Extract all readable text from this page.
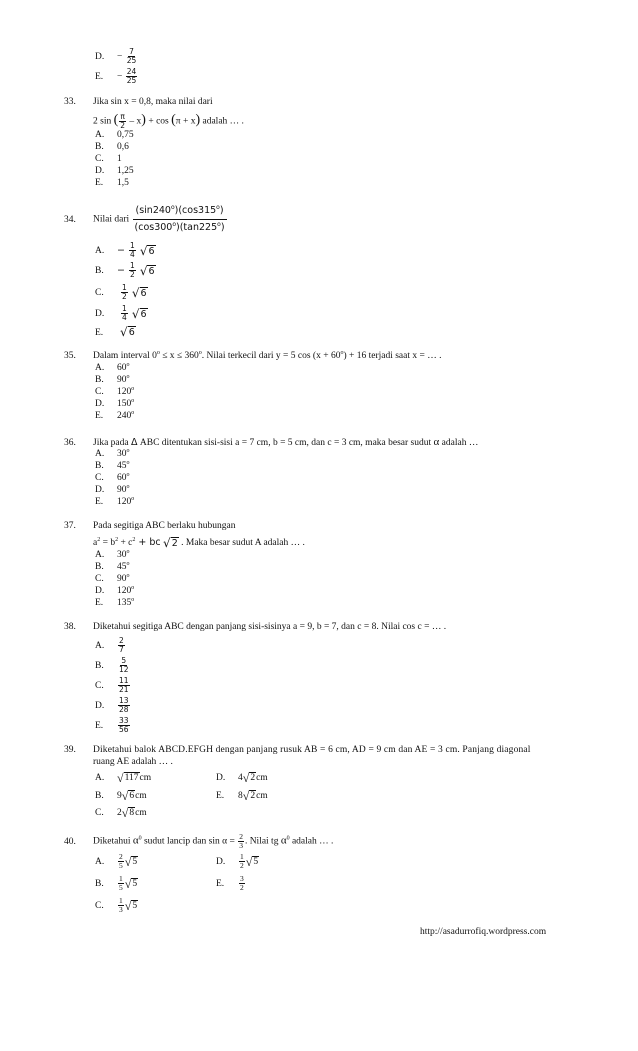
D. − $\frac{7}{25}$
E. − $\frac{24}{25}$
33. Jika sin x = 0,8, maka nilai dari
2 sin ( $\frac{\pi}{2} - x) + \cos (\pi + x)$ adalah … .
A. 0,75
B. 0,6
C. 1
D. 1,25
E. 1,5
34. Nilai dari $\frac{(\sin 240^o)(\cos 315^o)}{(\cos 300^o)(\tan 225^o)}$
A. − $\frac{1}{4}$
√ 6
B. − $\frac{1}{2}$
√ 6
C. $\frac{1}{2}$
√ 6
D. $\frac{1}{4}$
√ 6
E. √ 6
35. Dalam interval $0^o \le x \le 360^o$. Nilai terkecil dari y = 5 $\cos (x + 60^o) + 16$ terjadi saat x = … .
A. 60$^o$
B. 90$^o$
C. 120$^o$
D. 150$^o$
E. 240$^o$
36. Jika pada Δ ABC ditentukan sisi-sisi a = 7 cm, b = 5 cm, dan c = 3 cm, maka besar sudut α adalah …
A. 30$^o$
B. 45$^o$
C. 60$^o$
D. 90$^o$
E. 120$^o$
37. Pada segitiga ABC berlaku hubungan
$a^2 = b^2 + c^2$ + bc √ 2 . Maka besar sudut A adalah … .
A. 30$^o$
B. 45$^o$
C. 90$^o$
D. 120$^o$
E. 135$^o$
38. Diketahui segitiga ABC dengan panjang sisi-sisinya a = 9, b = 7, dan c = 8. Nilai cos c = … .
A. $\frac{2}{7}$
B. $\frac{5}{12}$
C. $\frac{11}{21}$
D. $\frac{13}{28}$
E. $\frac{33}{56}$
39. Diketahui balok ABCD.EFGH dengan panjang rusuk AB = 6 cm, AD = 9 cm dan AE = 3 cm. Panjang diagonal
ruang AE adalah … .
A. √ 117 cm
B. 9 √ 6 cm
C. 2 √ 8 cm
D. 4 √ 2 cm
E. 8 √ 2 cm
40. Diketahui $\alpha^0$ sudut lancip dan $\sin \alpha = \frac{2}{3}$ . Nilai tg $\alpha^0$ adalah … .
A. $\frac{2}{5}$ √ 5
B. $\frac{1}{5}$ √ 5
C. $\frac{1}{3}$ √ 5
D. $\frac{1}{2}$ √ 5
E. $\frac{3}{2}$
http://asadurrofiq.wordpress.com
